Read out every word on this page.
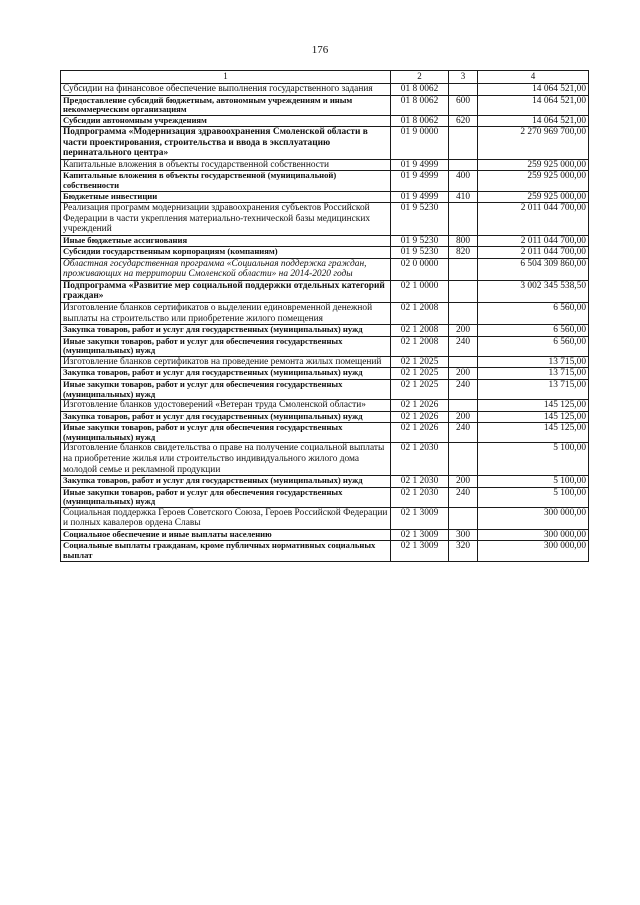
176
1	2	3	4
Субсидии на финансовое обеспечение выполнения государственного задания	01 8 0062		14 064 521,00
Предоставление субсидий бюджетным, автономным учреждениям и иным некоммерческим организациям	01 8 0062	600	14 064 521,00
Субсидии автономным учреждениям	01 8 0062	620	14 064 521,00
Подпрограмма «Модернизация здравоохранения Смоленской области в части проектирования, строительства и ввода в эксплуатацию перинатального центра»	01 9 0000		2 270 969 700,00
Капитальные вложения в объекты государственной собственности	01 9 4999		259 925 000,00
Капитальные вложения в объекты государственной (муниципальной) собственности	01 9 4999	400	259 925 000,00
Бюджетные инвестиции	01 9 4999	410	259 925 000,00
Реализация программ модернизации здравоохранения субъектов Российской Федерации в части укрепления материально-технической базы медицинских учреждений	01 9 5230		2 011 044 700,00
Иные бюджетные ассигнования	01 9 5230	800	2 011 044 700,00
Субсидии государственным корпорациям (компаниям)	01 9 5230	820	2 011 044 700,00
Областная государственная программа «Социальная поддержка граждан, проживающих на территории Смоленской области» на 2014-2020 годы	02 0 0000		6 504 309 860,00
Подпрограмма «Развитие мер социальной поддержки отдельных категорий граждан»	02 1 0000		3 002 345 538,50
Изготовление бланков сертификатов о выделении единовременной денежной выплаты на строительство или приобретение жилого помещения	02 1 2008		6 560,00
Закупка товаров, работ и услуг для государственных (муниципальных) нужд	02 1 2008	200	6 560,00
Иные закупки товаров, работ и услуг для обеспечения государственных (муниципальных) нужд	02 1 2008	240	6 560,00
Изготовление бланков сертификатов на проведение ремонта жилых помещений	02 1 2025		13 715,00
Закупка товаров, работ и услуг для государственных (муниципальных) нужд	02 1 2025	200	13 715,00
Иные закупки товаров, работ и услуг для обеспечения государственных (муниципальных) нужд	02 1 2025	240	13 715,00
Изготовление бланков удостоверений «Ветеран труда Смоленской области»	02 1 2026		145 125,00
Закупка товаров, работ и услуг для государственных (муниципальных) нужд	02 1 2026	200	145 125,00
Иные закупки товаров, работ и услуг для обеспечения государственных (муниципальных) нужд	02 1 2026	240	145 125,00
Изготовление бланков свидетельства о праве на получение социальной выплаты на приобретение жилья или строительство индивидуального жилого дома молодой семье и рекламной продукции	02 1 2030		5 100,00
Закупка товаров, работ и услуг для государственных (муниципальных) нужд	02 1 2030	200	5 100,00
Иные закупки товаров, работ и услуг для обеспечения государственных (муниципальных) нужд	02 1 2030	240	5 100,00
Социальная поддержка Героев Советского Союза, Героев Российской Федерации и полных кавалеров ордена Славы	02 1 3009		300 000,00
Социальное обеспечение и иные выплаты населению	02 1 3009	300	300 000,00
Социальные выплаты гражданам, кроме публичных нормативных социальных выплат	02 1 3009	320	300 000,00
